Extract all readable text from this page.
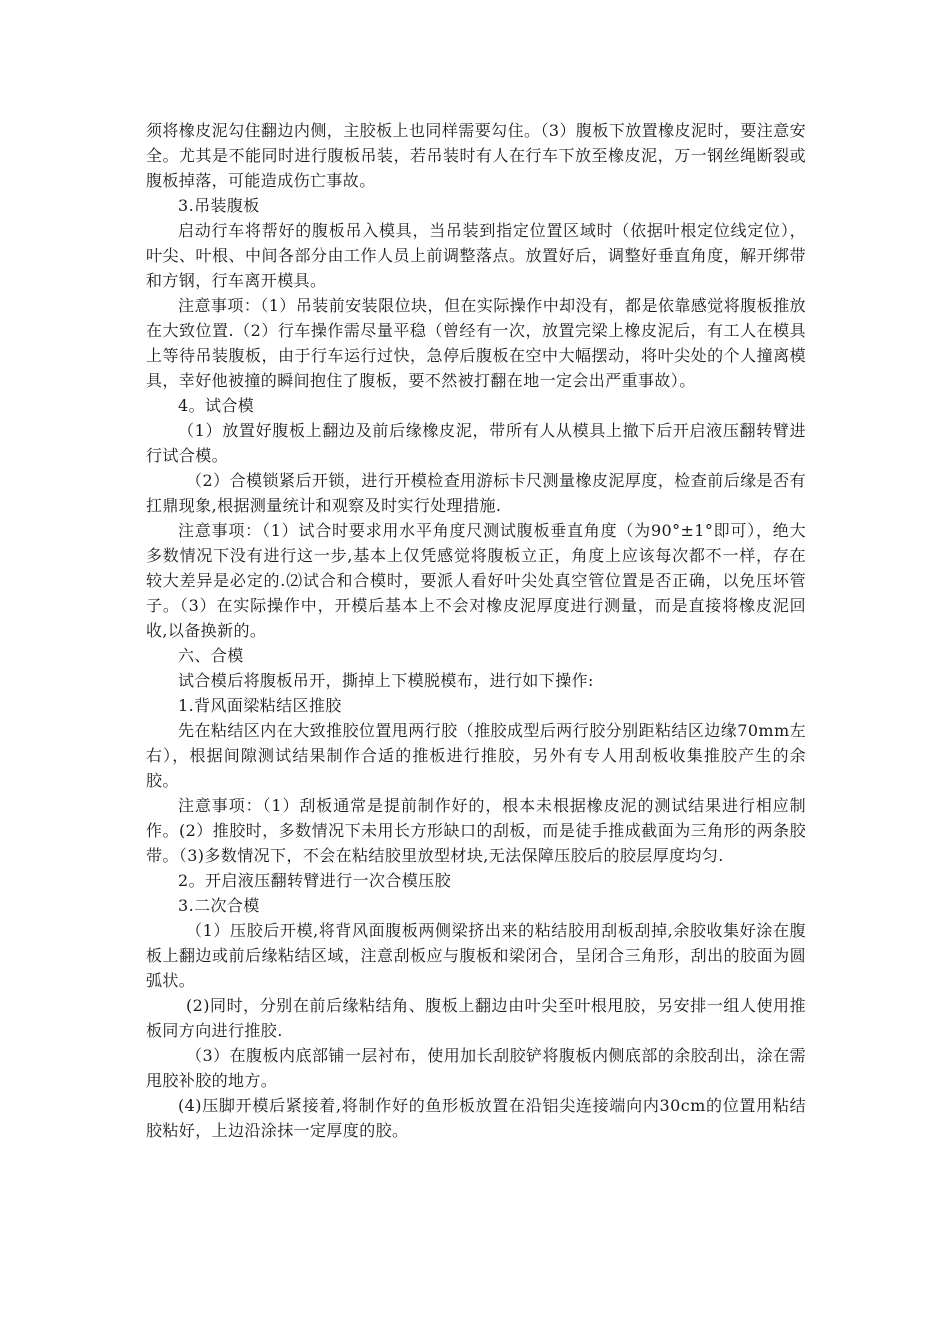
须将橡皮泥勾住翻边内侧，主胶板上也同样需要勾住。（3）腹板下放置橡皮泥时，要注意安全。尤其是不能同时进行腹板吊装，若吊装时有人在行车下放至橡皮泥，万一钢丝绳断裂或腹板掉落，可能造成伤亡事故。

3.吊装腹板

启动行车将帮好的腹板吊入模具，当吊装到指定位置区域时（依据叶根定位线定位），叶尖、叶根、中间各部分由工作人员上前调整落点。放置好后，调整好垂直角度，解开绑带和方钢，行车离开模具。

注意事项：（1）吊装前安装限位块，但在实际操作中却没有，都是依靠感觉将腹板推放在大致位置.（2）行车操作需尽量平稳（曾经有一次，放置完梁上橡皮泥后，有工人在模具上等待吊装腹板，由于行车运行过快，急停后腹板在空中大幅摆动，将叶尖处的个人撞离模具，幸好他被撞的瞬间抱住了腹板，要不然被打翻在地一定会出严重事故）。

4。试合模

（1）放置好腹板上翻边及前后缘橡皮泥，带所有人从模具上撤下后开启液压翻转臂进行试合模。

（2）合模锁紧后开锁，进行开模检查用游标卡尺测量橡皮泥厚度，检查前后缘是否有扛鼎现象,根据测量统计和观察及时实行处理措施.

注意事项：（1）试合时要求用水平角度尺测试腹板垂直角度（为90°±1°即可），绝大多数情况下没有进行这一步,基本上仅凭感觉将腹板立正，角度上应该每次都不一样，存在较大差异是必定的.⑵试合和合模时，要派人看好叶尖处真空管位置是否正确，以免压坏管子。（3）在实际操作中，开模后基本上不会对橡皮泥厚度进行测量，而是直接将橡皮泥回收,以备换新的。

六、合模

试合模后将腹板吊开，撕掉上下模脱模布，进行如下操作:

1.背风面梁粘结区推胶

先在粘结区内在大致推胶位置甩两行胶（推胶成型后两行胶分别距粘结区边缘70mm左右），根据间隙测试结果制作合适的推板进行推胶，另外有专人用刮板收集推胶产生的余胶。

注意事项：（1）刮板通常是提前制作好的，根本未根据橡皮泥的测试结果进行相应制作。(2）推胶时，多数情况下未用长方形缺口的刮板，而是徒手推成截面为三角形的两条胶带。（3)多数情况下，不会在粘结胶里放型材块,无法保障压胶后的胶层厚度均匀.

2。开启液压翻转臂进行一次合模压胶

3.二次合模

（1）压胶后开模,将背风面腹板两侧梁挤出来的粘结胶用刮板刮掉,余胶收集好涂在腹板上翻边或前后缘粘结区域，注意刮板应与腹板和梁闭合，呈闭合三角形，刮出的胶面为圆弧状。

(2)同时，分别在前后缘粘结角、腹板上翻边由叶尖至叶根甩胶，另安排一组人使用推板同方向进行推胶.

（3）在腹板内底部铺一层衬布，使用加长刮胶铲将腹板内侧底部的余胶刮出，涂在需甩胶补胶的地方。

(4)压脚开模后紧接着,将制作好的鱼形板放置在沿铝尖连接端向内30cm的位置用粘结胶粘好，上边沿涂抹一定厚度的胶。
